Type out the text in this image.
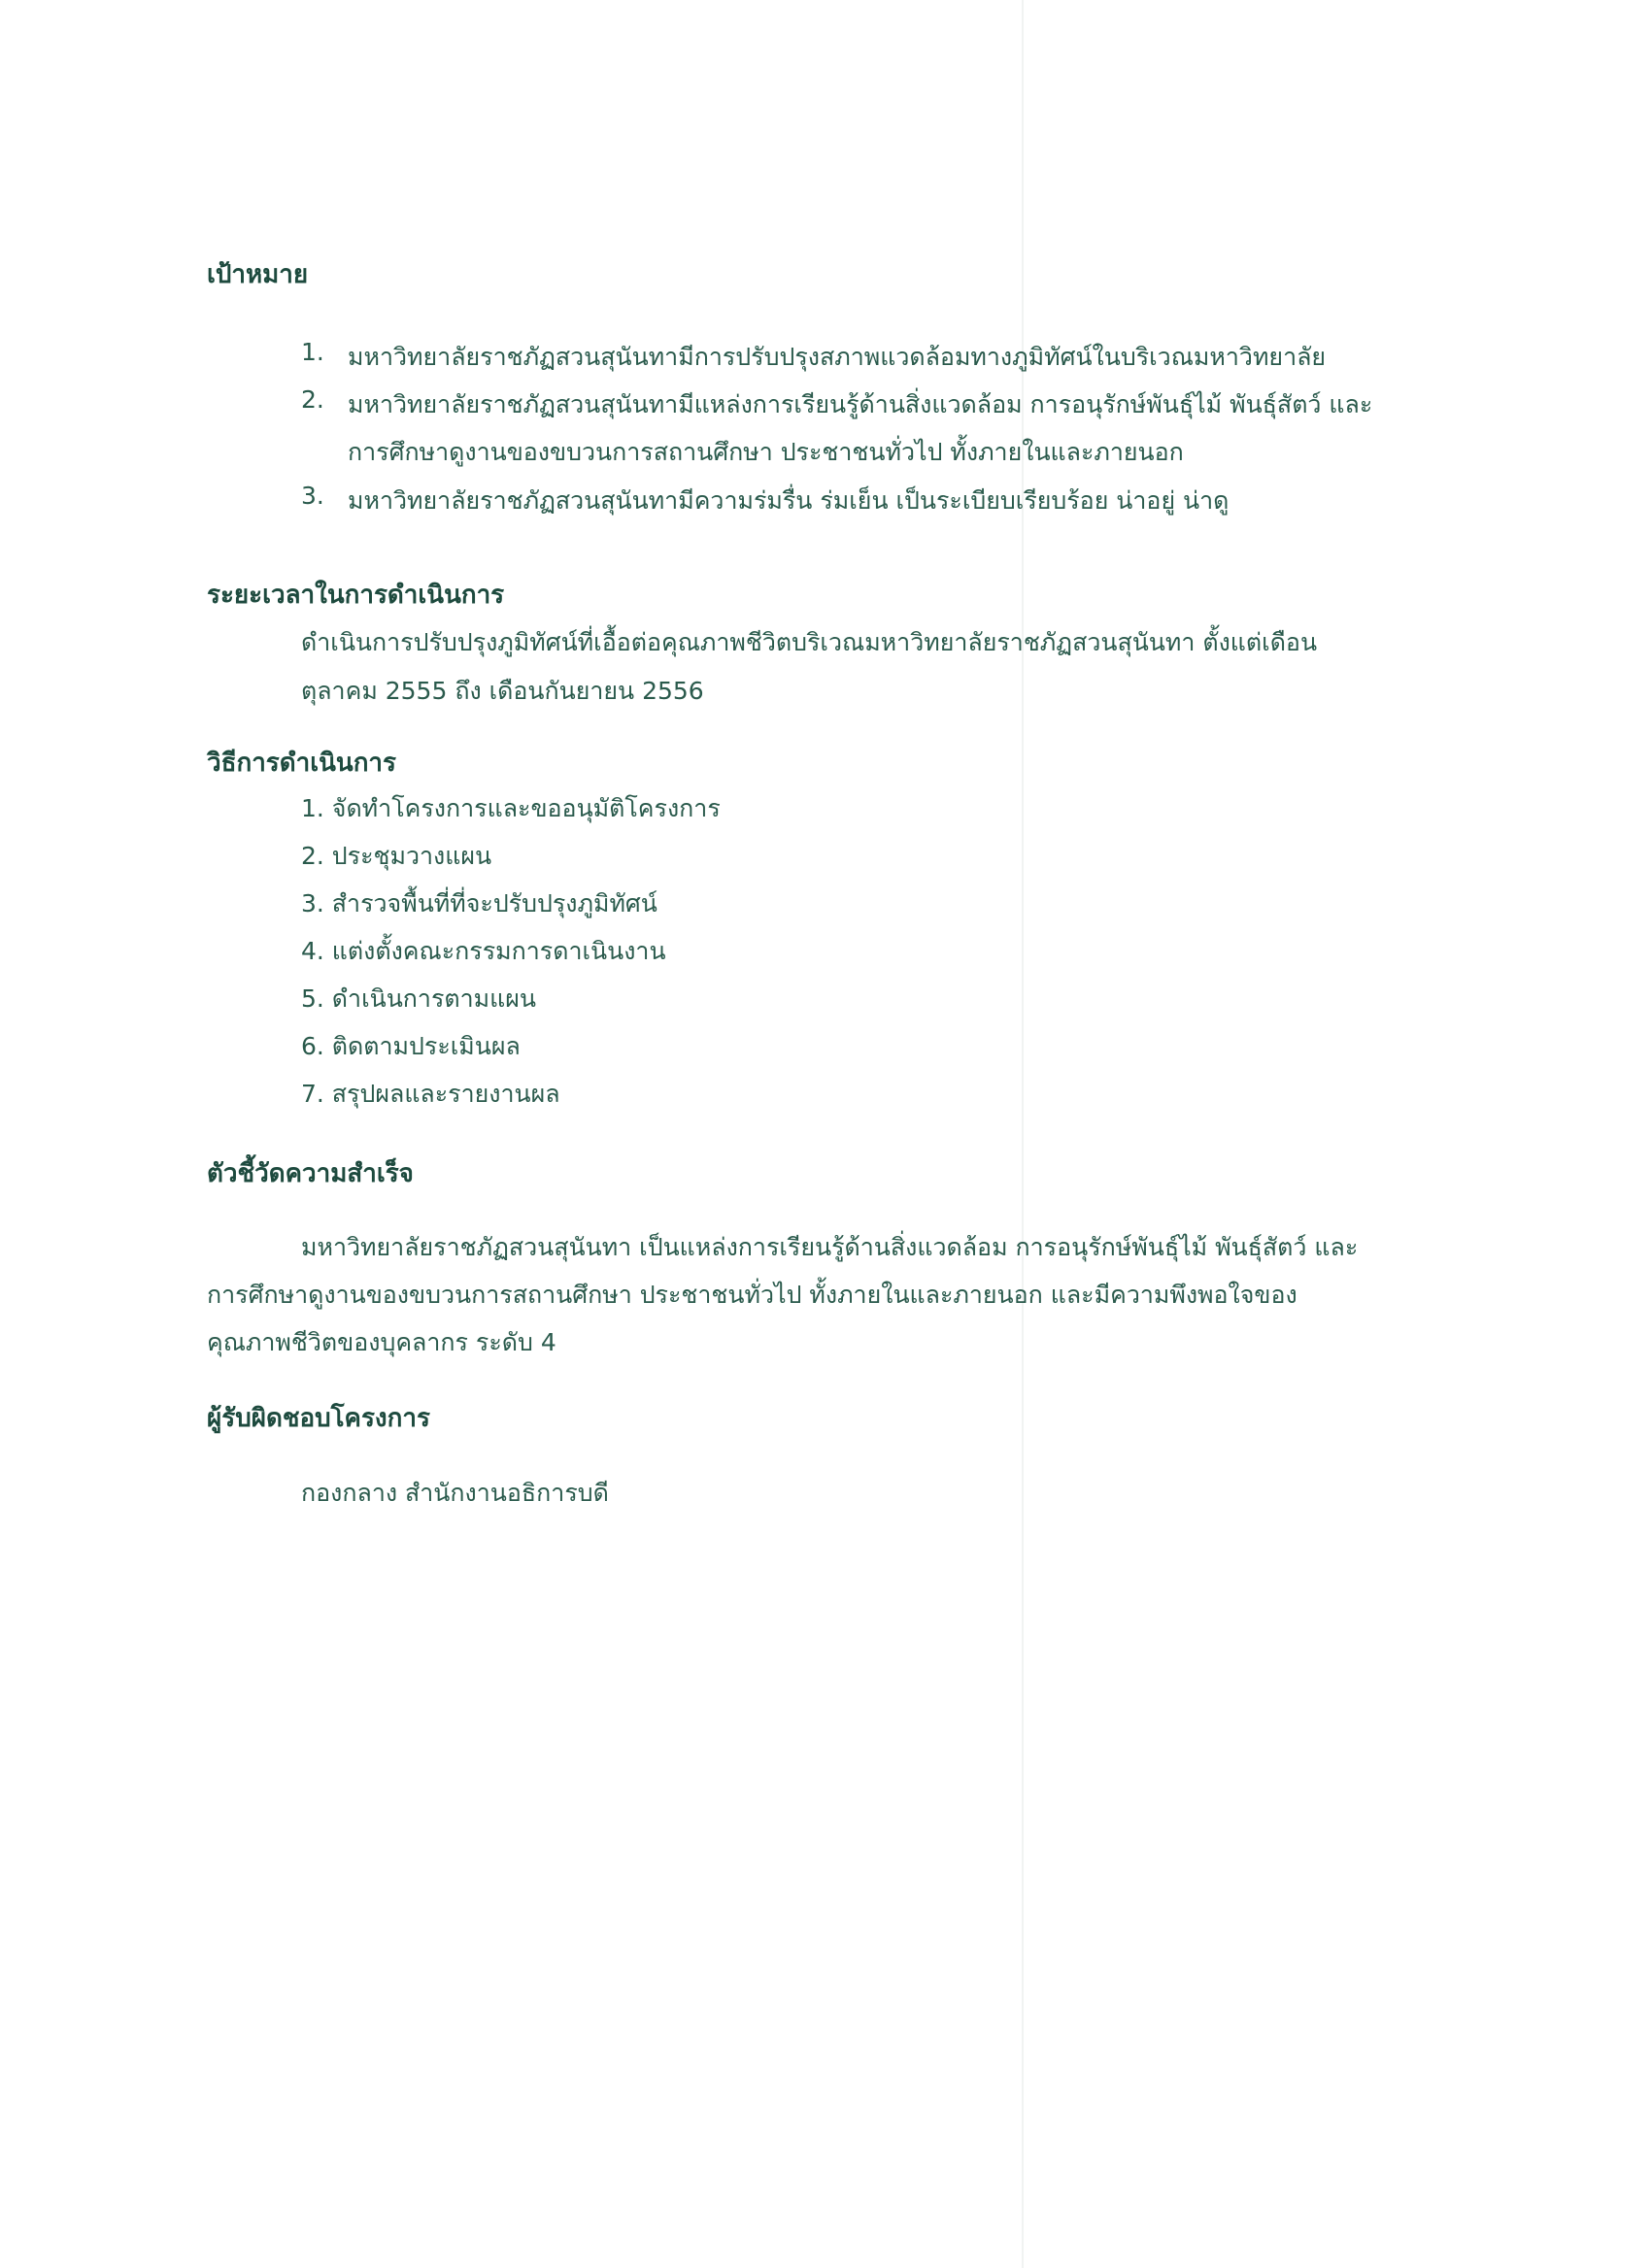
เป้าหมาย
1. มหาวิทยาลัยราชภัฏสวนสุนันทามีการปรับปรุงสภาพแวดล้อมทางภูมิทัศน์ในบริเวณมหาวิทยาลัย
2. มหาวิทยาลัยราชภัฏสวนสุนันทามีแหล่งการเรียนรู้ด้านสิ่งแวดล้อม การอนุรักษ์พันธุ์ไม้ พันธุ์สัตว์ และ
การศึกษาดูงานของขบวนการสถานศึกษา ประชาชนทั่วไป ทั้งภายในและภายนอก
3. มหาวิทยาลัยราชภัฏสวนสุนันทามีความร่มรื่น ร่มเย็น เป็นระเบียบเรียบร้อย น่าอยู่ น่าดู
ระยะเวลาในการดำเนินการ
ดำเนินการปรับปรุงภูมิทัศน์ที่เอื้อต่อคุณภาพชีวิตบริเวณมหาวิทยาลัยราชภัฏสวนสุนันทา ตั้งแต่เดือน
ตุลาคม 2555 ถึง เดือนกันยายน 2556
วิธีการดำเนินการ
1. จัดทำโครงการและขออนุมัติโครงการ
2. ประชุมวางแผน
3. สำรวจพื้นที่ที่จะปรับปรุงภูมิทัศน์
4. แต่งตั้งคณะกรรมการดาเนินงาน
5. ดำเนินการตามแผน
6. ติดตามประเมินผล
7. สรุปผลและรายงานผล
ตัวชี้วัดความสำเร็จ
มหาวิทยาลัยราชภัฏสวนสุนันทา เป็นแหล่งการเรียนรู้ด้านสิ่งแวดล้อม การอนุรักษ์พันธุ์ไม้ พันธุ์สัตว์ และ
การศึกษาดูงานของขบวนการสถานศึกษา ประชาชนทั่วไป ทั้งภายในและภายนอก และมีความพึงพอใจของ
คุณภาพชีวิตของบุคลากร ระดับ 4
ผู้รับผิดชอบโครงการ
กองกลาง สำนักงานอธิการบดี
